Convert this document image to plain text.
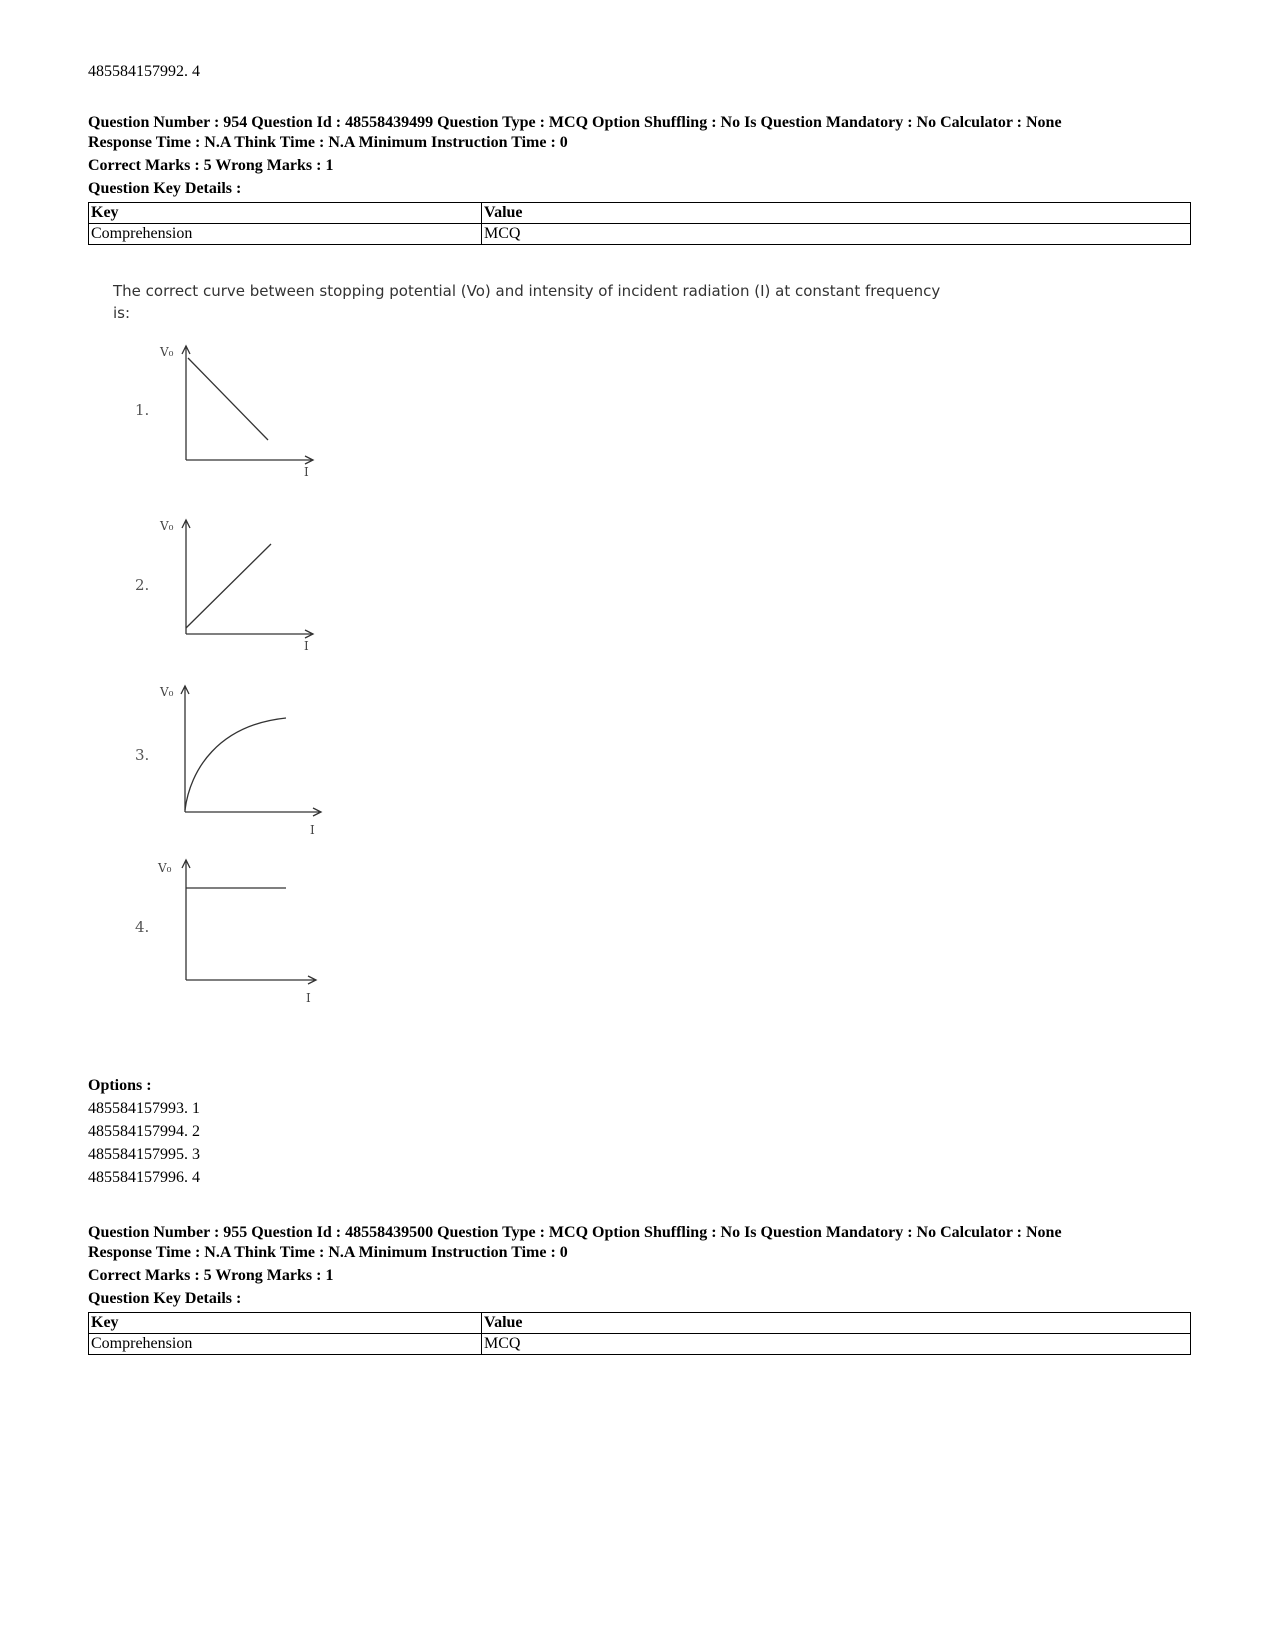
485584157992. 4
Question Number : 954 Question Id : 48558439499 Question Type : MCQ Option Shuffling : No Is Question Mandatory : No Calculator : None
Response Time : N.A Think Time : N.A Minimum Instruction Time : 0
Correct Marks : 5 Wrong Marks : 1
Question Key Details :
Key	Value
Comprehension	MCQ
The correct curve between stopping potential (Vo) and intensity of incident radiation (I) at constant frequency
is:
1.
V₀
I
2.
V₀
I
3.
V₀
I
4.
V₀
I
Options :
485584157993. 1
485584157994. 2
485584157995. 3
485584157996. 4
Question Number : 955 Question Id : 48558439500 Question Type : MCQ Option Shuffling : No Is Question Mandatory : No Calculator : None
Response Time : N.A Think Time : N.A Minimum Instruction Time : 0
Correct Marks : 5 Wrong Marks : 1
Question Key Details :
Key	Value
Comprehension	MCQ
